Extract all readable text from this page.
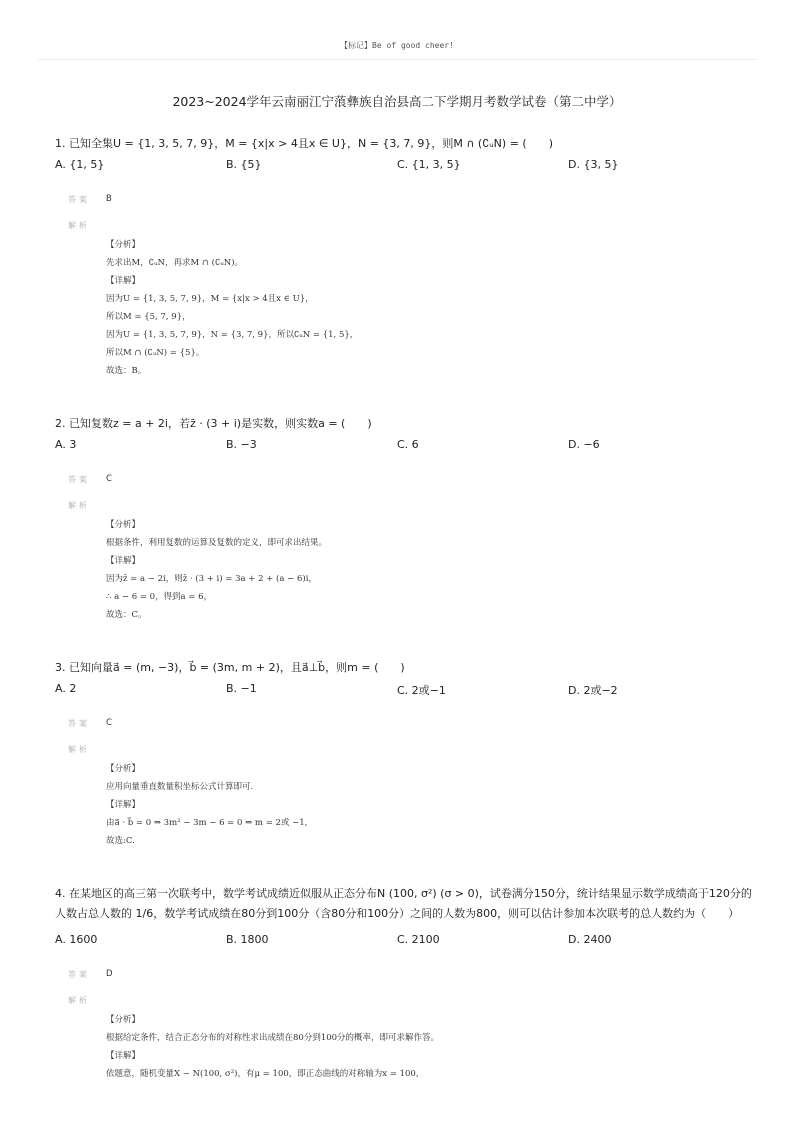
【标记】Be of good cheer!
2023~2024学年云南丽江宁蒗彝族自治县高二下学期月考数学试卷（第二中学）
1. 已知全集U = {1, 3, 5, 7, 9}，M = {x|x > 4且x ∈ U}，N = {3, 7, 9}，则M ∩ (∁ᵤN) = (　　)
A. {1, 5}	B. {5}	C. {1, 3, 5}	D. {3, 5}
答案 B
解析
【分析】
先求出M，∁ᵤN，再求M ∩ (∁ᵤN)。
【详解】
因为U = {1, 3, 5, 7, 9}，M = {x|x > 4且x ∈ U}，
所以M = {5, 7, 9}，
因为U = {1, 3, 5, 7, 9}，N = {3, 7, 9}，所以∁ᵤN = {1, 5}，
所以M ∩ (∁ᵤN) = {5}。
故选：B。
2. 已知复数z = a + 2i，若z̄ · (3 + i)是实数，则实数a = (　　)
A. 3	B. −3	C. 6	D. −6
答案 C
解析
【分析】
根据条件，利用复数的运算及复数的定义，即可求出结果。
【详解】
因为z̄ = a − 2i，则z̄ · (3 + i) = 3a + 2 + (a − 6)i，
∴ a − 6 = 0，得到a = 6，
故选：C。
3. 已知向量a⃗ = (m, −3)，b⃗ = (3m, m + 2)，且a⃗⊥b⃗，则m = (　　)
A. 2	B. −1	C. 2或−1	D. 2或−2
答案 C
解析
【分析】
应用向量垂直数量积坐标公式计算即可.
【详解】
由a⃗ · b⃗ = 0 ⇒ 3m² − 3m − 6 = 0 ⇒ m = 2或 −1,
故选:C.
4. 在某地区的高三第一次联考中，数学考试成绩近似服从正态分布N (100, σ²) (σ > 0)，试卷满分150分，统计结果显示数学成绩高于120分的人数占总人数的 1/6，数学考试成绩在80分到100分（含80分和100分）之间的人数为800，则可以估计参加本次联考的总人数约为（　　）
A. 1600	B. 1800	C. 2100	D. 2400
答案 D
解析
【分析】
根据给定条件，结合正态分布的对称性求出成绩在80分到100分的概率，即可求解作答。
【详解】
依题意，随机变量X ~ N(100, σ²)，有μ = 100，即正态曲线的对称轴为x = 100，
